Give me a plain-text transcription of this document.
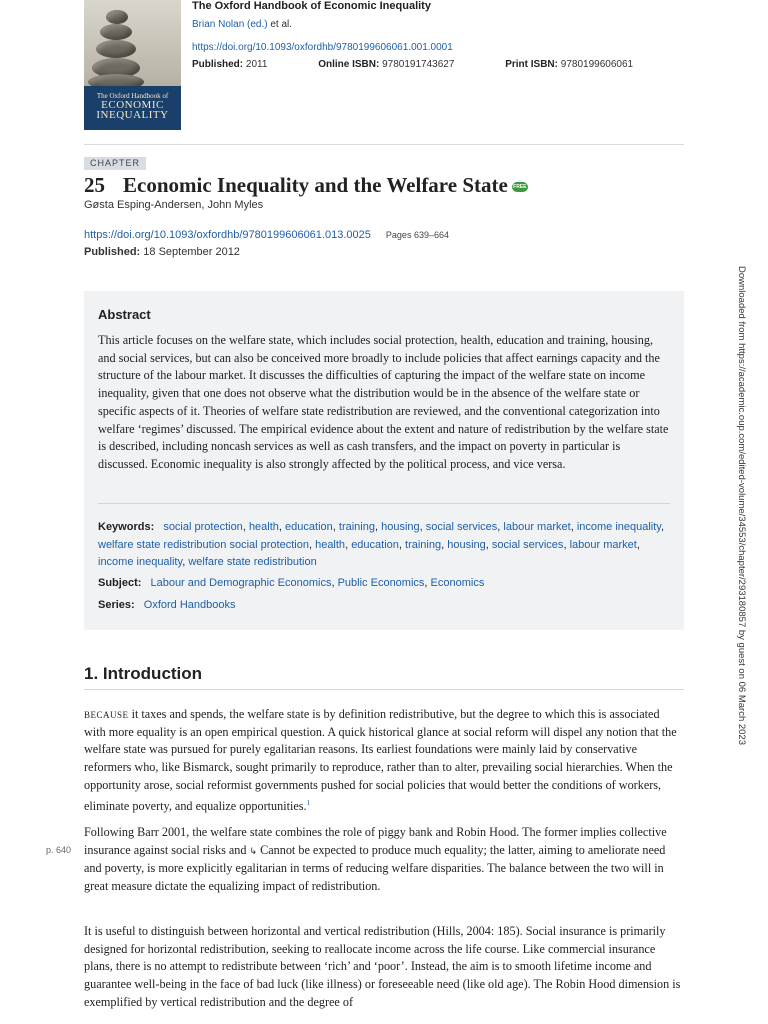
The Oxford Handbook of
ECONOMIC
INEQUALITY
The Oxford Handbook of Economic Inequality
Brian Nolan (ed.) et al.
https://doi.org/10.1093/oxfordhb/9780199606061.001.0001
Published: 2011	Online ISBN: 9780191743627	Print ISBN: 9780199606061
CHAPTER
25 Economic Inequality and the Welfare State FREE
Gøsta Esping-Andersen, John Myles
https://doi.org/10.1093/oxfordhb/9780199606061.013.0025 Pages 639–664
Published: 18 September 2012
Abstract
This article focuses on the welfare state, which includes social protection, health, education and training, housing, and social services, but can also be conceived more broadly to include policies that affect earnings capacity and the structure of the labour market. It discusses the difficulties of capturing the impact of the welfare state on income inequality, given that one does not observe what the distribution would be in the absence of the welfare state or specific aspects of it. Theories of welfare state redistribution are reviewed, and the conventional categorization into welfare ‘regimes’ discussed. The empirical evidence about the extent and nature of redistribution by the welfare state is described, including noncash services as well as cash transfers, and the impact on poverty in particular is discussed. Economic inequality is also strongly affected by the political process, and vice versa.
Keywords: social protection, health, education, training, housing, social services, labour market, income inequality, welfare state redistribution social protection, health, education, training, housing, social services, labour market, income inequality, welfare state redistribution
Subject: Labour and Demographic Economics, Public Economics, Economics
Series: Oxford Handbooks
1. Introduction
because it taxes and spends, the welfare state is by definition redistributive, but the degree to which this is associated with more equality is an open empirical question. A quick historical glance at social reform will dispel any notion that the welfare state was pursued for purely egalitarian reasons. Its earliest foundations were mainly laid by conservative reformers who, like Bismarck, sought primarily to reproduce, rather than to alter, prevailing social hierarchies. When the opportunity arose, social reformist governments pushed for social policies that would better the conditions of workers, eliminate poverty, and equalize opportunities.$^1$
p. 640
Following Barr 2001, the welfare state combines the role of piggy bank and Robin Hood. The former implies collective insurance against social risks and ↳ Cannot be expected to produce much equality; the latter, aiming to ameliorate need and poverty, is more explicitly egalitarian in terms of reducing welfare disparities. The balance between the two will in great measure dictate the equalizing impact of redistribution.
It is useful to distinguish between horizontal and vertical redistribution (Hills, 2004: 185). Social insurance is primarily designed for horizontal redistribution, seeking to reallocate income across the life course. Like commercial insurance plans, there is no attempt to redistribute between ‘rich’ and ‘poor’. Instead, the aim is to smooth lifetime income and guarantee well-being in the face of bad luck (like illness) or foreseeable need (like old age). The Robin Hood dimension is exemplified by vertical redistribution and the degree of
Downloaded from https://academic.oup.com/edited-volume/34553/chapter/293180857 by guest on 06 March 2023
